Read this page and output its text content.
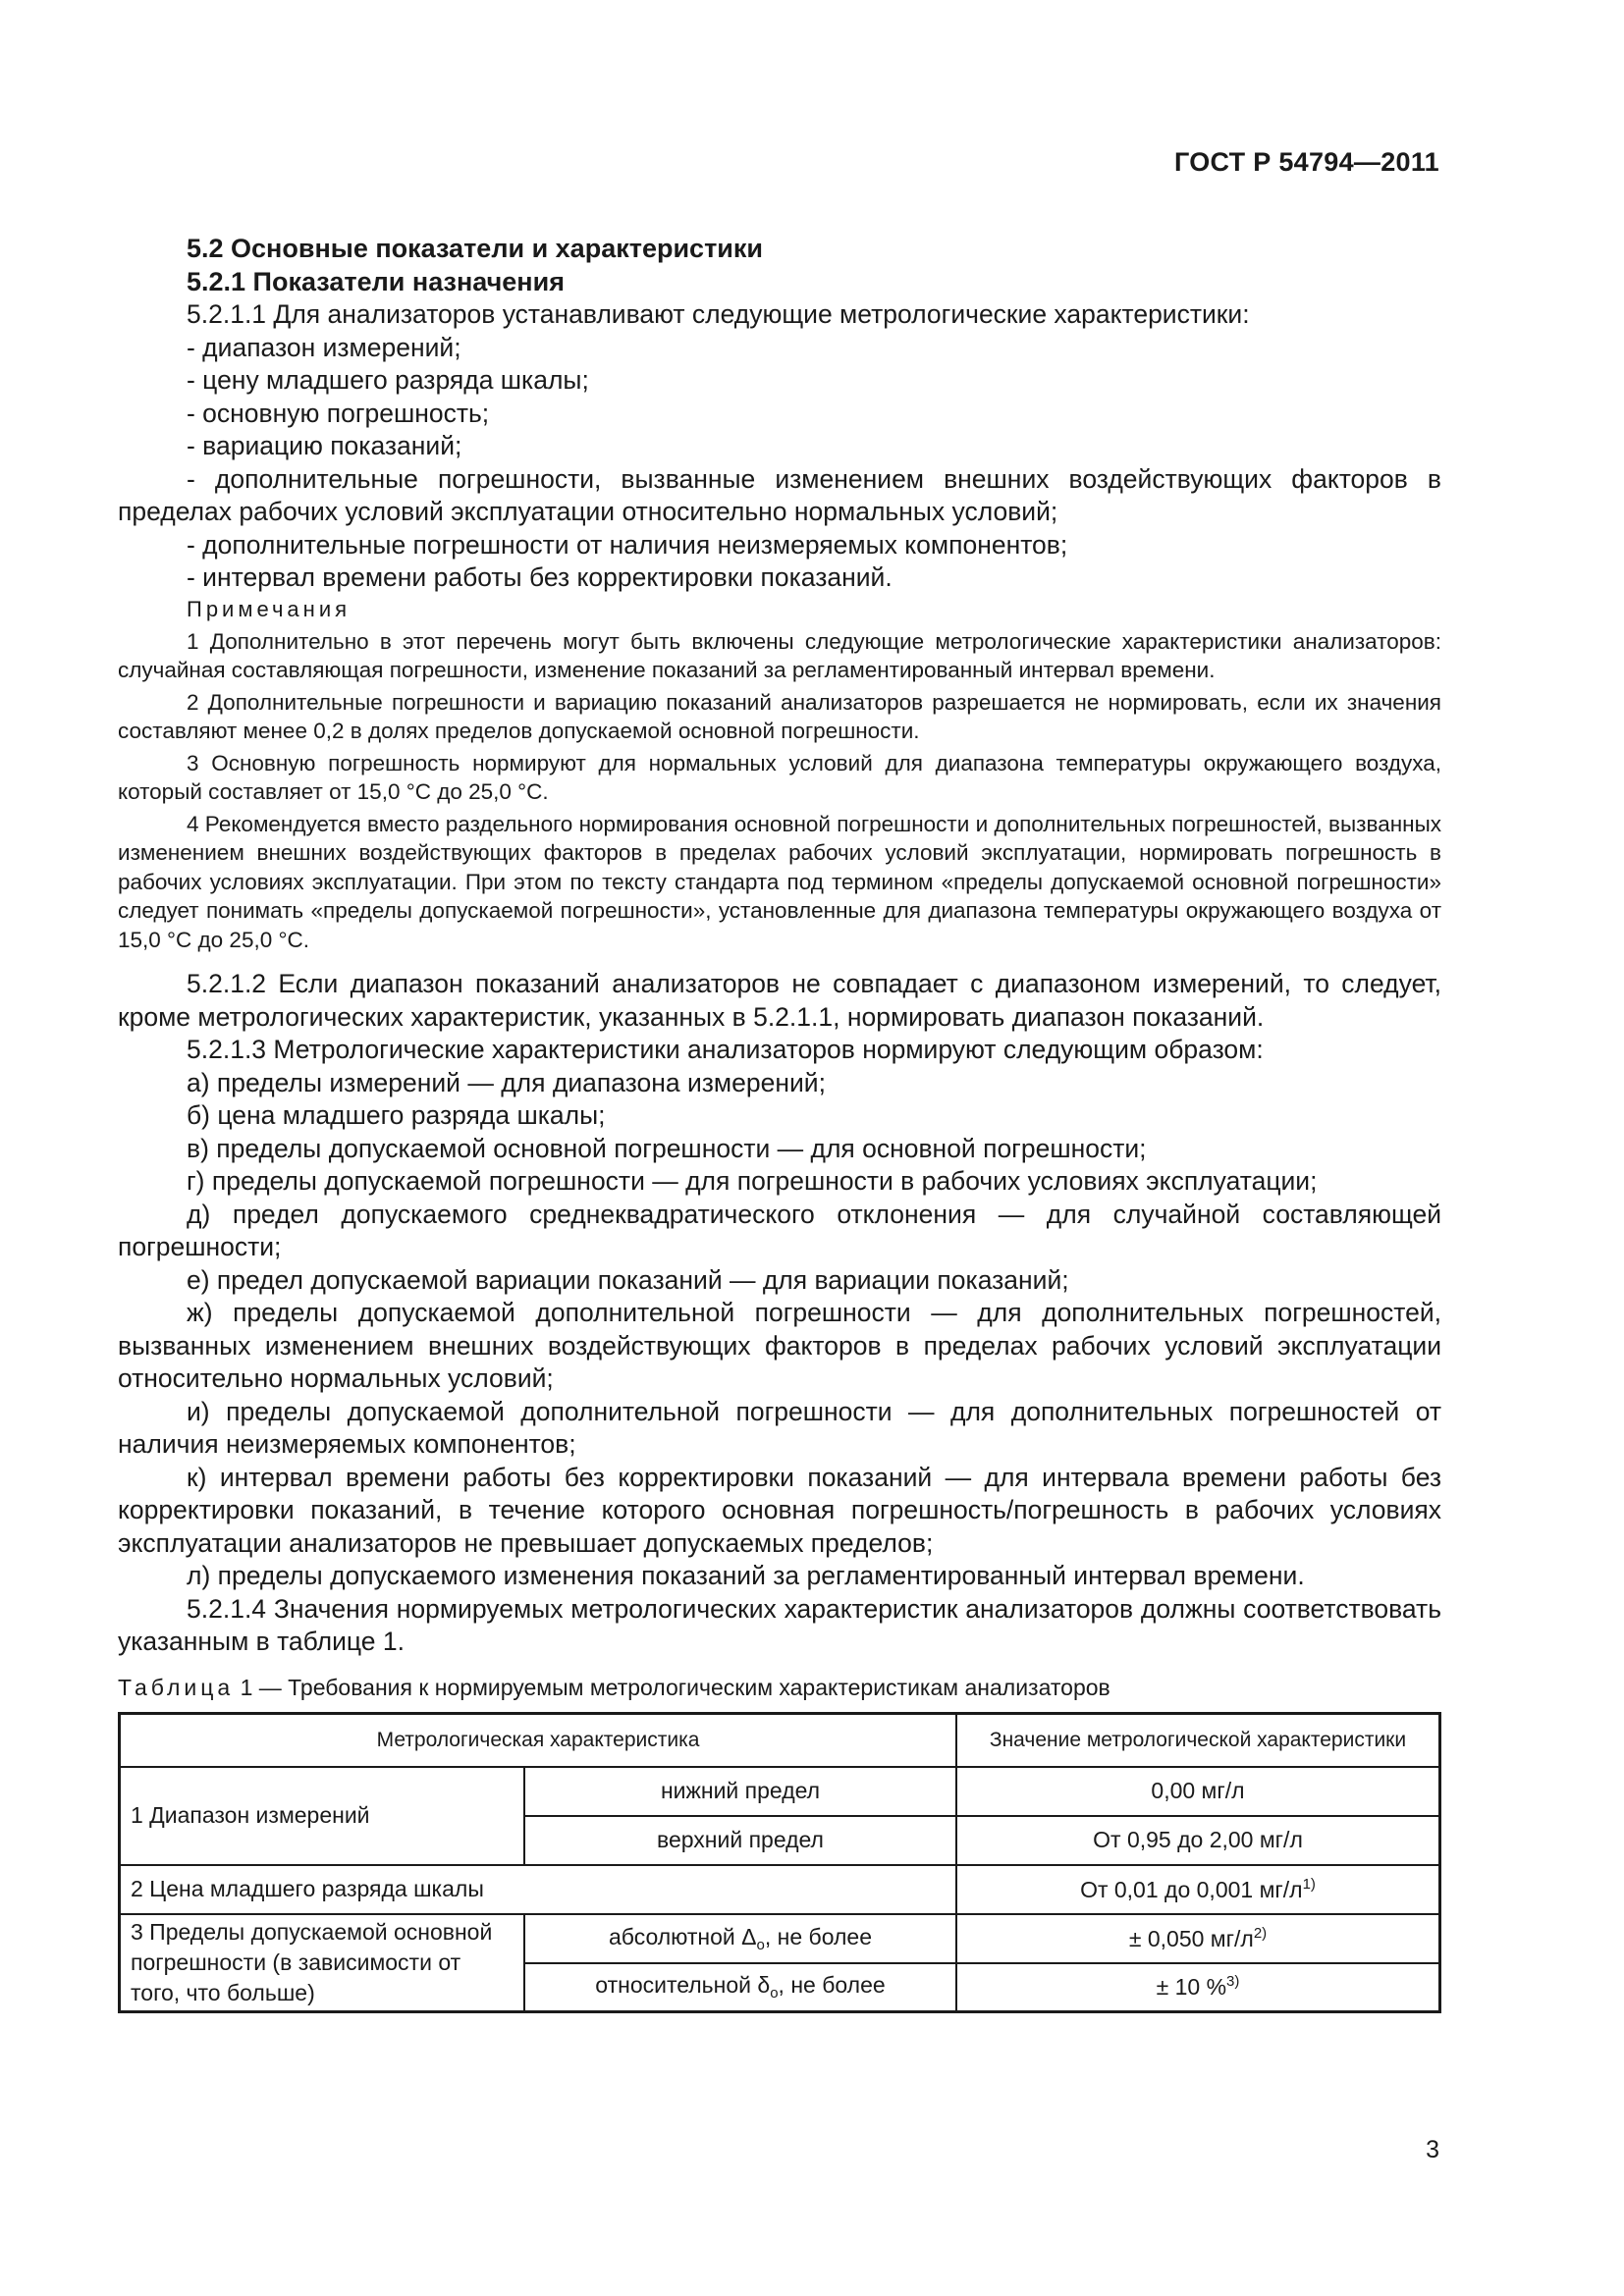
ГОСТ Р 54794—2011

5.2 Основные показатели и характеристики

5.2.1 Показатели назначения

5.2.1.1 Для анализаторов устанавливают следующие метрологические характеристики:

- диапазон измерений;

- цену младшего разряда шкалы;

- основную погрешность;

- вариацию показаний;

- дополнительные погрешности, вызванные изменением внешних воздействующих факторов в пределах рабочих условий эксплуатации относительно нормальных условий;

- дополнительные погрешности от наличия неизмеряемых компонентов;

- интервал времени работы без корректировки показаний.

Примечания

1 Дополнительно в этот перечень могут быть включены следующие метрологические характеристики анализаторов: случайная составляющая погрешности, изменение показаний за регламентированный интервал времени.

2 Дополнительные погрешности и вариацию показаний анализаторов разрешается не нормировать, если их значения составляют менее 0,2 в долях пределов допускаемой основной погрешности.

3 Основную погрешность нормируют для нормальных условий для диапазона температуры окружающего воздуха, который составляет от 15,0 °С до 25,0 °С.

4 Рекомендуется вместо раздельного нормирования основной погрешности и дополнительных погрешностей, вызванных изменением внешних воздействующих факторов в пределах рабочих условий эксплуатации, нормировать погрешность в рабочих условиях эксплуатации. При этом по тексту стандарта под термином «пределы допускаемой основной погрешности» следует понимать «пределы допускаемой погрешности», установленные для диапазона температуры окружающего воздуха от 15,0 °С до 25,0 °С.

5.2.1.2 Если диапазон показаний анализаторов не совпадает с диапазоном измерений, то следует, кроме метрологических характеристик, указанных в 5.2.1.1, нормировать диапазон показаний.

5.2.1.3 Метрологические характеристики анализаторов нормируют следующим образом:

а) пределы измерений — для диапазона измерений;

б) цена младшего разряда шкалы;

в) пределы допускаемой основной погрешности — для основной погрешности;

г) пределы допускаемой погрешности — для погрешности в рабочих условиях эксплуатации;

д) предел допускаемого среднеквадратического отклонения — для случайной составляющей погрешности;

е) предел допускаемой вариации показаний — для вариации показаний;

ж) пределы допускаемой дополнительной погрешности — для дополнительных погрешностей, вызванных изменением внешних воздействующих факторов в пределах рабочих условий эксплуатации относительно нормальных условий;

и) пределы допускаемой дополнительной погрешности — для дополнительных погрешностей от наличия неизмеряемых компонентов;

к) интервал времени работы без корректировки показаний — для интервала времени работы без корректировки показаний, в течение которого основная погрешность/погрешность в рабочих условиях эксплуатации анализаторов не превышает допускаемых пределов;

л) пределы допускаемого изменения показаний за регламентированный интервал времени.

5.2.1.4 Значения нормируемых метрологических характеристик анализаторов должны соответствовать указанным в таблице 1.

Таблица 1 — Требования к нормируемым метрологическим характеристикам анализаторов

Метрологическая характеристика		Значение метрологической характеристики
1 Диапазон измерений	нижний предел	0,00 мг/л
	верхний предел	От 0,95 до 2,00 мг/л
2 Цена младшего разряда шкалы		От 0,01 до 0,001 $мг/л^{1)}$
3 Пределы допускаемой основной погрешности (в зависимости от того, что больше)	абсолютной $\Delta_о$, не более	± 0,050 $мг/л^{2)}$
	относительной $\delta_о$, не более	± 10 %$^{3)}$
3
